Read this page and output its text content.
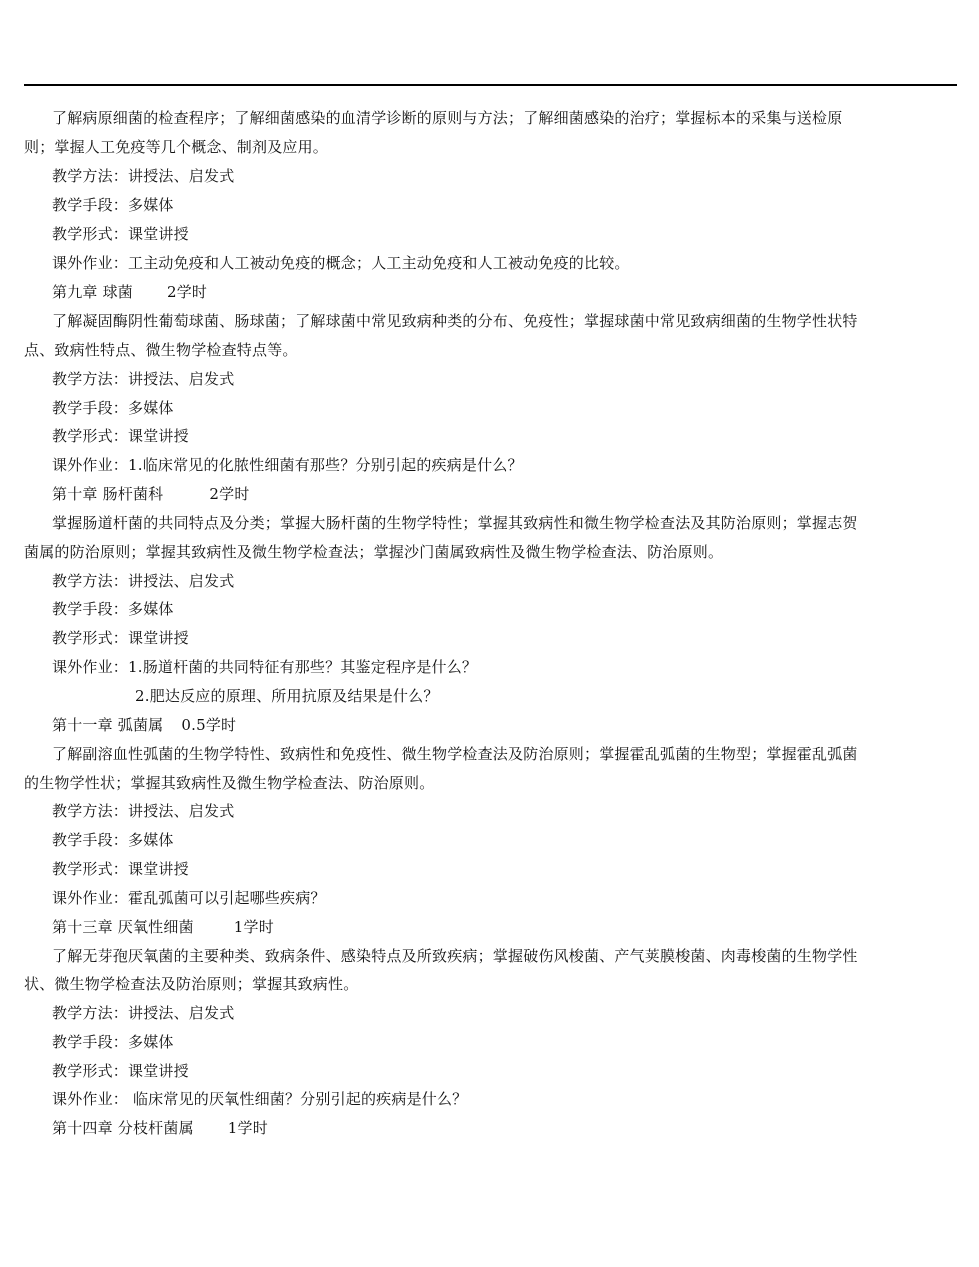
了解病原细菌的检查程序；了解细菌感染的血清学诊断的原则与方法；了解细菌感染的治疗；掌握标本的采集与送检原
则；掌握人工免疫等几个概念、制剂及应用。
教学方法：讲授法、启发式
教学手段：多媒体
教学形式：课堂讲授
课外作业：工主动免疫和人工被动免疫的概念；人工主动免疫和人工被动免疫的比较。
第九章 球菌 2学时
了解凝固酶阴性葡萄球菌、肠球菌；了解球菌中常见致病种类的分布、免疫性；掌握球菌中常见致病细菌的生物学性状特
点、致病性特点、微生物学检查特点等。
教学方法：讲授法、启发式
教学手段：多媒体
教学形式：课堂讲授
课外作业：1.临床常见的化脓性细菌有那些？分别引起的疾病是什么？
第十章 肠杆菌科	2学时
掌握肠道杆菌的共同特点及分类；掌握大肠杆菌的生物学特性；掌握其致病性和微生物学检查法及其防治原则；掌握志贺
菌属的防治原则；掌握其致病性及微生物学检查法；掌握沙门菌属致病性及微生物学检查法、防治原则。
教学方法：讲授法、启发式
教学手段：多媒体
教学形式：课堂讲授
课外作业：1.肠道杆菌的共同特征有那些？其鉴定程序是什么？
2.肥达反应的原理、所用抗原及结果是什么？
第十一章 弧菌属 0.5学时
了解副溶血性弧菌的生物学特性、致病性和免疫性、微生物学检查法及防治原则；掌握霍乱弧菌的生物型；掌握霍乱弧菌
的生物学性状；掌握其致病性及微生物学检查法、防治原则。
教学方法：讲授法、启发式
教学手段：多媒体
教学形式：课堂讲授
课外作业：霍乱弧菌可以引起哪些疾病？
第十三章 厌氧性细菌	1学时
了解无芽孢厌氧菌的主要种类、致病条件、感染特点及所致疾病；掌握破伤风梭菌、产气荚膜梭菌、肉毒梭菌的生物学性
状、微生物学检查法及防治原则；掌握其致病性。
教学方法：讲授法、启发式
教学手段：多媒体
教学形式：课堂讲授
课外作业： 临床常见的厌氧性细菌？分别引起的疾病是什么？
第十四章 分枝杆菌属 1学时
